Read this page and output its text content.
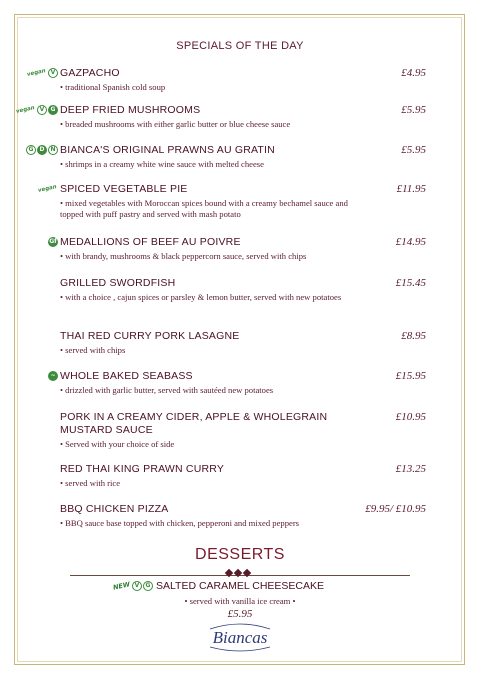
SPECIALS OF THE DAY
vegan V GAZPACHO
• traditional Spanish cold soup
£4.95
vegan V	G DEEP FRIED MUSHROOMS
• breaded mushrooms with either garlic butter or blue cheese sauce
£5.95
G	D	N BIANCA'S ORIGINAL PRAWNS AU GRATIN
• shrimps in a creamy white wine sauce with melted cheese
£5.95
vegan SPICED VEGETABLE PIE
• mixed vegetables with Moroccan spices bound with a creamy bechamel sauce and topped with puff pastry and served with mash potato
£11.95
Gf MEDALLIONS OF BEEF AU POIVRE
• with brandy, mushrooms & black peppercorn sauce, served with chips
£14.95
GRILLED SWORDFISH
• with a choice , cajun spices or parsley & lemon butter, served with new potatoes
£15.45
THAI RED CURRY PORK LASAGNE
• served with chips
£8.95
~ WHOLE BAKED SEABASS
• drizzled with garlic butter, served with sautéed new potatoes
£15.95
PORK IN A CREAMY CIDER, APPLE & WHOLEGRAIN MUSTARD SAUCE
• Served with your choice of side
£10.95
RED THAI KING PRAWN CURRY
• served with rice
£13.25
BBQ CHICKEN PIZZA
• BBQ sauce base topped with chicken, pepperoni and mixed peppers
£9.95/ £10.95
DESSERTS
NEW V	G SALTED CARAMEL CHEESECAKE
• served with vanilla ice cream •
£5.95
Biancas
